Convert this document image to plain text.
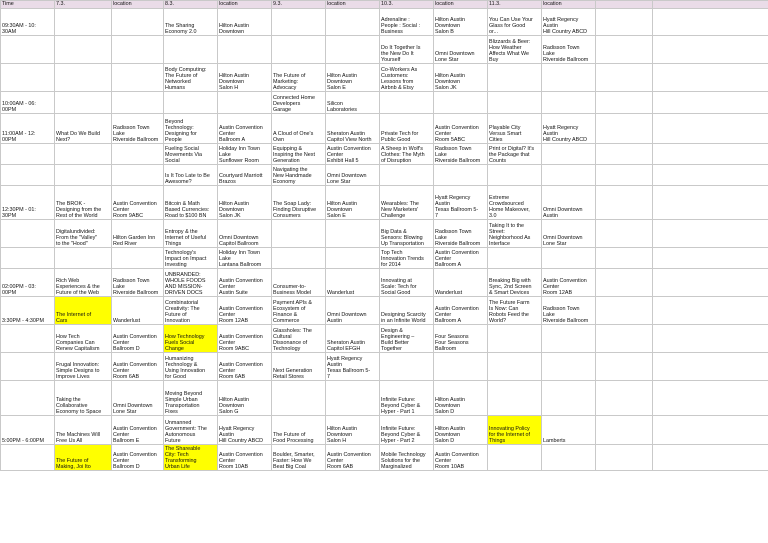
Time	7.3.	location	8.3.	location	9.3.	location	10.3.	location	11.3.	location		
09:30AM - 10:
30AM			The Sharing
Economy 2.0	Hilton Austin
Downtown			Adrenaline :
People : Social :
Business	Hilton Austin
Downtown
Salon B	You Can Use Your
Glass for Good
or...	Hyatt Regency
Austin
Hill Country ABCD		
							Do It Together Is
the New Do It
Yourself	Omni Downtown
Lone Star	Blizzards & Beer:
How Weather
Affects What We
Buy	Radisson Town
Lake
Riverside Ballroom		
			Body Computing:
The Future of
Networked
Humans	Hilton Austin
Downtown
Salon H	The Future of
Marketing:
Advocacy	Hilton Austin
Downtown
Salon E	Co-Workers As
Customers:
Lessons from
Airbnb & Etsy	Hilton Austin
Downtown
Salon JK				
10:00AM - 06:
00PM					Connected Home
Developers
Garage	Silicon
Laboratories						
11:00AM - 12:
00PM	What Do We Build
Next?	Radisson Town
Lake
Riverside Ballroom	Beyond
Technology:
Designing for
People	Austin Convention
Center
Ballroom A	A Cloud of One's
Own	Sheraton Austin
Capitol View North	Private Tech for
Public Good	Austin Convention
Center
Room 5ABC	Playable City
Versus Smart
Cities	Hyatt Regency
Austin
Hill Country ABCD		
			Fueling Social
Movements Via
Social	Holiday Inn Town
Lake
Sunflower Room	Equipping &
Inspiring the Next
Generation	Austin Convention
Center
Exhibit Hall 5	A Sheep in Wolf's
Clothes: The Myth
of Disruption	Radisson Town
Lake
Riverside Ballroom	Print or Digital? It's
the Package that
Counts			
			Is It Too Late to Be
Awesome?	Courtyard Marriott
Brazos	Navigating the
New Handmade
Economy	Omni Downtown
Lone Star						
12:30PM - 01:
30PM	The BROK -
Designing from the
Rest of the World	Austin Convention
Center
Room 9ABC	Bitcoin & Math
Based Currencies:
Road to $100 BN	Hilton Austin
Downtown
Salon JK	The Soap Lady:
Finding Disruptive
Consumers	Hilton Austin
Downtown
Salon E	Wearables: The
New Marketers'
Challenge	Hyatt Regency
Austin
Texas Ballroom 5-
7	Extreme
Crowdsourced
Home Makeover,
3.0	Omni Downtown
Austin		
	Digitalundivided:
From the "Valley"
to the "Hood"	Hilton Garden Inn
Red River	Entropy & the
Internet of Useful
Things	Omni Downtown
Capitol Ballroom			Big Data &
Sensors: Blowing
Up Transportation	Radisson Town
Lake
Riverside Ballroom	Taking It to the
Street:
Neighborhood As
Interface	Omni Downtown
Lone Star		
			Technology's
Impact on Impact
Investing	Holiday Inn Town
Lake
Lantana Ballroom			Top Tech
Innovation Trends
for 2014	Austin Convention
Center
Ballroom A				
02:00PM - 03:
00PM	Rich Web
Experiences & the
Future of the Web	Radisson Town
Lake
Riverside Ballroom	UNBRANDED:
WHOLE FOODS
AND MISSION-
DRIVEN DOCS	Austin Convention
Center
Austin Suite	Consumer-to-
Business Model	Wanderlust	Innovating at
Scale: Tech for
Social Good	Wanderlust	Breaking Big with
Sync, 2nd Screen
& Smart Devices	Austin Convention
Center
Room 12AB		
3:30PM - 4:30PM	The Internet of
Cars	Wanderlust	Combinatorial
Creativity: The
Future of
Innovation	Austin Convention
Center
Room 12AB	Payment APIs &
Ecosystem of
Finance &
Commerce	Omni Downtown
Austin	Designing Scarcity
in an Infinite World	Austin Convention
Center
Ballroom A	The Future Farm
Is Now: Can
Robots Feed the
World?	Radisson Town
Lake
Riverside Ballroom		
	How Tech
Companies Can
Renew Capitalism	Austin Convention
Center
Ballroom D	How Technology
Fuels Social
Change	Austin Convention
Center
Room 9ABC	Glassholes: The
Cultural
Dissonance of
Technology	Sheraton Austin
Capitol EFGH	Design &
Engineering –
Build Better
Together	Four Seasons
Four Seasons
Ballroom				
	Frugal Innovation:
Simple Designs to
Improve Lives	Austin Convention
Center
Room 6AB	Humanizing
Technology &
Using Innovation
for Good	Austin Convention
Center
Room 6AB	Next Generation
Retail Stores	Hyatt Regency
Austin
Texas Ballroom 5-
7						
	Taking the
Collaborative
Economy to Space	Omni Downtown
Lone Star	Moving Beyond
Simple Urban
Transportation
Fixes	Hilton Austin
Downtown
Salon G			Infinite Future:
Beyond Cyber &
Hyper - Part 1	Hilton Austin
Downtown
Salon D				
5:00PM - 6:00PM	The Machines Will
Free Us All	Austin Convention
Center
Ballroom E	Unmanned
Government: The
Autonomous
Future	Hyatt Regency
Austin
Hill Country ABCD	The Future of
Food Processing	Hilton Austin
Downtown
Salon H	Infinite Future:
Beyond Cyber &
Hyper - Part 2	Hilton Austin
Downtown
Salon D	Innovating Policy
for the Internet of
Things	Lamberts		
	The Future of
Making, Joi Ito	Austin Convention
Center
Ballroom D	The Shareable
City: Tech
Transforming
Urban Life	Austin Convention
Center
Room 10AB	Boulder, Smarter,
Faster: How We
Beat Big Coal	Austin Convention
Center
Room 6AB	Mobile Technology
Solutions for the
Marginalized	Austin Convention
Center
Room 10AB				
